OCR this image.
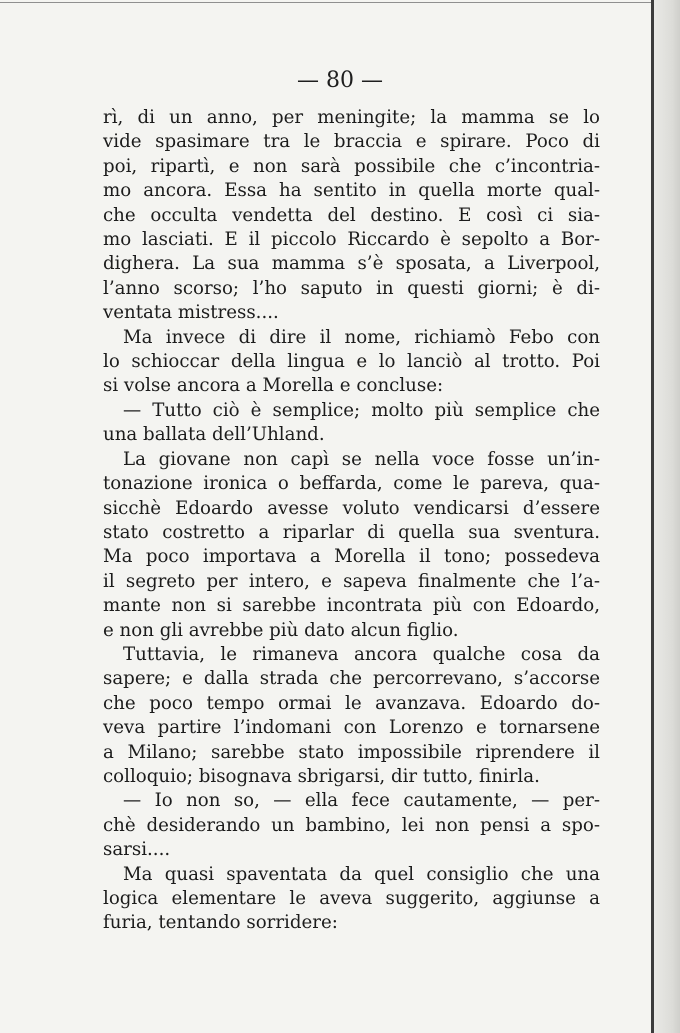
— 80 —

rì, di un anno, per meningite; la mamma se lo
vide spasimare tra le braccia e spirare. Poco di
poi, ripartì, e non sarà possibile che c’incontria-
mo ancora. Essa ha sentito in quella morte qual-
che occulta vendetta del destino. E così ci sia-
mo lasciati. E il piccolo Riccardo è sepolto a Bor-
dighera. La sua mamma s’è sposata, a Liverpool,
l’anno scorso; l’ho saputo in questi giorni; è di-
ventata mistress....

Ma invece di dire il nome, richiamò Febo con
lo schioccar della lingua e lo lanciò al trotto. Poi
si volse ancora a Morella e concluse:

— Tutto ciò è semplice; molto più semplice che
una ballata dell’Uhland.

La giovane non capì se nella voce fosse un’in-
tonazione ironica o beffarda, come le pareva, qua-
sicchè Edoardo avesse voluto vendicarsi d’essere
stato costretto a riparlar di quella sua sventura.
Ma poco importava a Morella il tono; possedeva
il segreto per intero, e sapeva finalmente che l’a-
mante non si sarebbe incontrata più con Edoardo,
e non gli avrebbe più dato alcun figlio.

Tuttavia, le rimaneva ancora qualche cosa da
sapere; e dalla strada che percorrevano, s’accorse
che poco tempo ormai le avanzava. Edoardo do-
veva partire l’indomani con Lorenzo e tornarsene
a Milano; sarebbe stato impossibile riprendere il
colloquio; bisognava sbrigarsi, dir tutto, finirla.

— Io non so, — ella fece cautamente, — per-
chè desiderando un bambino, lei non pensi a spo-
sarsi....

Ma quasi spaventata da quel consiglio che una
logica elementare le aveva suggerito, aggiunse a
furia, tentando sorridere:
